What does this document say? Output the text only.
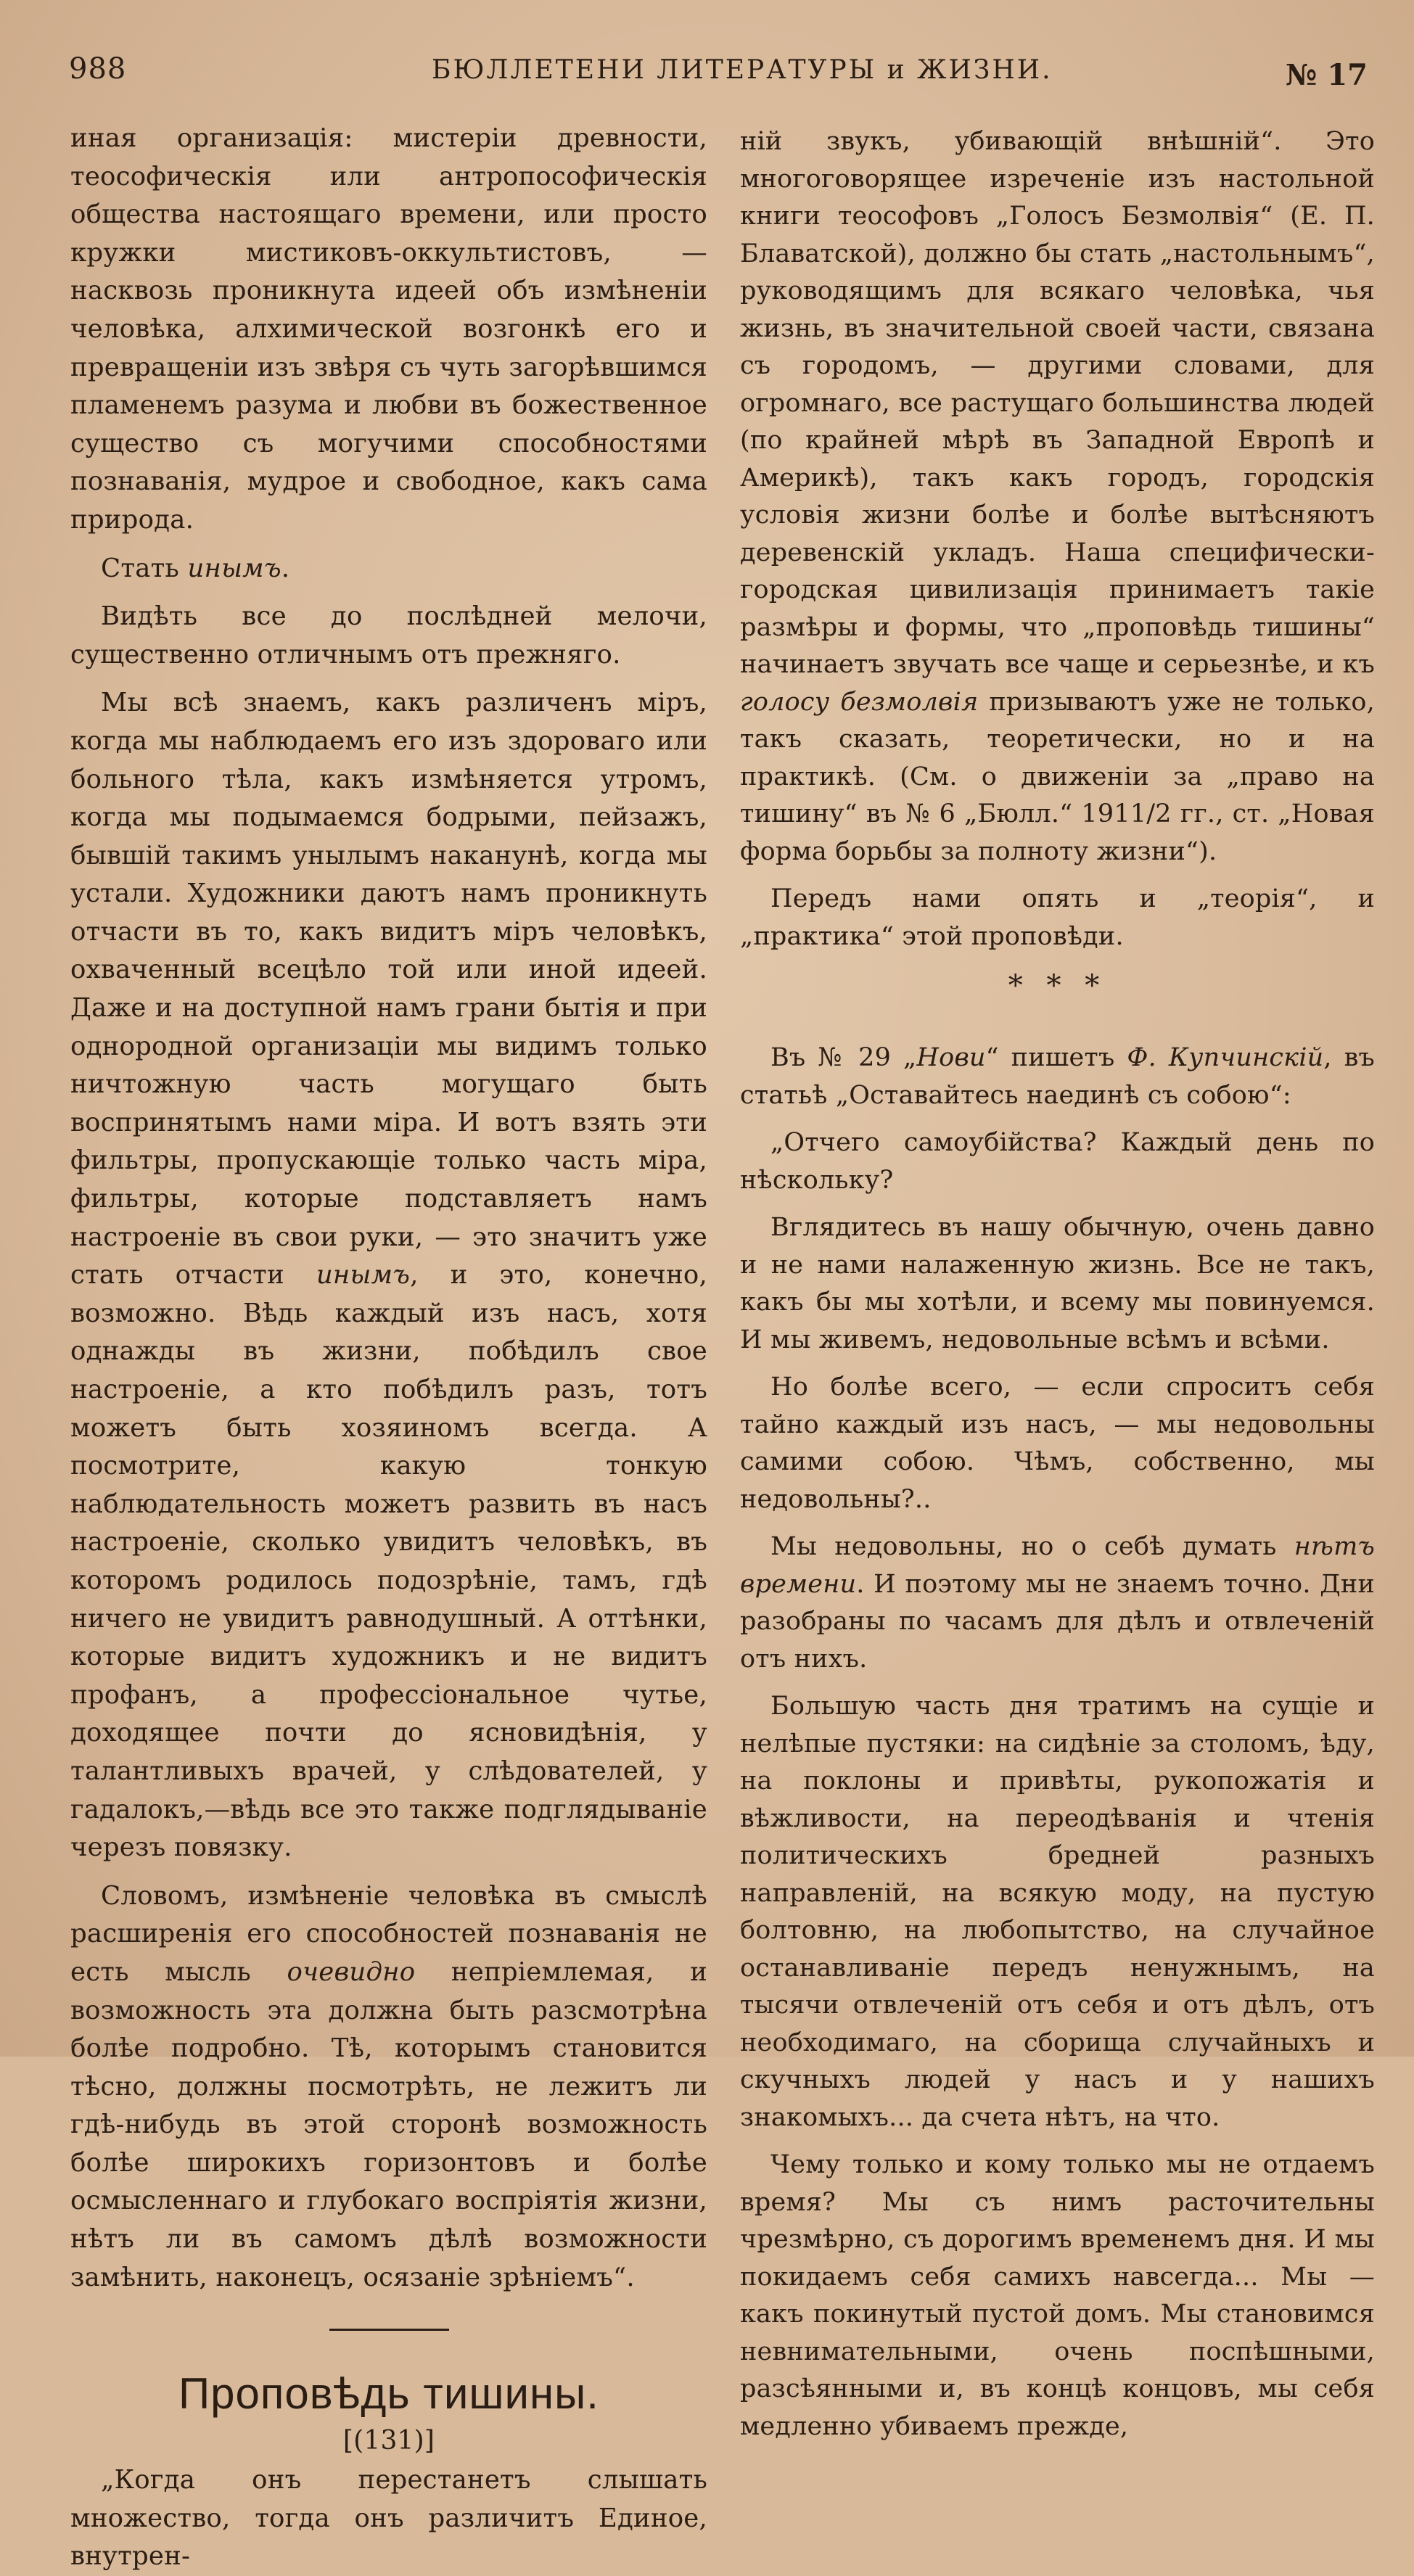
988	БЮЛЛЕТЕНИ ЛИТЕРАТУРЫ и ЖИЗНИ.	№ 17

иная организація: мистеріи древности, теософическія или антропософическія общества настоящаго времени, или просто кружки мистиковъ-оккультистовъ, — насквозь проникнута идеей объ измѣненіи человѣка, алхимической возгонкѣ его и превращеніи изъ звѣря съ чуть загорѣвшимся пламенемъ разума и любви въ божественное существо съ могучими способностями познаванія, мудрое и свободное, какъ сама природа.

Стать инымъ.

Видѣть все до послѣдней мелочи, существенно отличнымъ отъ прежняго.

Мы всѣ знаемъ, какъ различенъ міръ, когда мы наблюдаемъ его изъ здороваго или больного тѣла, какъ измѣняется утромъ, когда мы подымаемся бодрыми, пейзажъ, бывшій такимъ унылымъ наканунѣ, когда мы устали. Художники даютъ намъ проникнуть отчасти въ то, какъ видитъ міръ человѣкъ, охваченный всецѣло той или иной идеей. Даже и на доступной намъ грани бытія и при однородной организаціи мы видимъ только ничтожную часть могущаго быть воспринятымъ нами міра. И вотъ взять эти фильтры, пропускающіе только часть міра, фильтры, которые подставляетъ намъ настроеніе въ свои руки, — это значитъ уже стать отчасти инымъ, и это, конечно, возможно. Вѣдь каждый изъ насъ, хотя однажды въ жизни, побѣдилъ свое настроеніе, а кто побѣдилъ разъ, тотъ можетъ быть хозяиномъ всегда. А посмотрите, какую тонкую наблюдательность можетъ развить въ насъ настроеніе, сколько увидитъ человѣкъ, въ которомъ родилось подозрѣніе, тамъ, гдѣ ничего не увидитъ равнодушный. А оттѣнки, которые видитъ художникъ и не видитъ профанъ, а профессіональное чутье, доходящее почти до ясновидѣнія, у талантливыхъ врачей, у слѣдователей, у гадалокъ,—вѣдь все это также подглядываніе черезъ повязку.

Словомъ, измѣненіе человѣка въ смыслѣ расширенія его способностей познаванія не есть мысль очевидно непріемлемая, и возможность эта должна быть разсмотрѣна болѣе подробно. Тѣ, которымъ становится тѣсно, должны посмотрѣть, не лежитъ ли гдѣ-нибудь въ этой сторонѣ возможность болѣе широкихъ горизонтовъ и болѣе осмысленнаго и глубокаго воспріятія жизни, нѣтъ ли въ самомъ дѣлѣ возможности замѣнить, наконецъ, осязаніе зрѣніемъ“.

Проповѣдь тишины.
[(131)]

„Когда онъ перестанетъ слышать множество, тогда онъ различитъ Единое, внутрен-

ній звукъ, убивающій внѣшній“. Это многоговорящее изреченіе изъ настольной книги теософовъ „Голосъ Безмолвія“ (Е. П. Блаватской), должно бы стать „настольнымъ“, руководящимъ для всякаго человѣка, чья жизнь, въ значительной своей части, связана съ городомъ, — другими словами, для огромнаго, все растущаго большинства людей (по крайней мѣрѣ въ Западной Европѣ и Америкѣ), такъ какъ городъ, городскія условія жизни болѣе и болѣе вытѣсняютъ деревенскій укладъ. Наша специфически-городская цивилизація принимаетъ такіе размѣры и формы, что „проповѣдь тишины“ начинаетъ звучать все чаще и серьезнѣе, и къ голосу безмолвія призываютъ уже не только, такъ сказать, теоретически, но и на практикѣ. (См. о движеніи за „право на тишину“ въ № 6 „Бюлл.“ 1911/2 гг., ст. „Новая форма борьбы за полноту жизни“).

Передъ нами опять и „теорія“, и „практика“ этой проповѣди.

* * *

Въ № 29 „Нови“ пишетъ Ф. Купчинскій, въ статьѣ „Оставайтесь наединѣ съ собою“:

„Отчего самоубійства? Каждый день по нѣскольку?

Вглядитесь въ нашу обычную, очень давно и не нами налаженную жизнь. Все не такъ, какъ бы мы хотѣли, и всему мы повинуемся. И мы живемъ, недовольные всѣмъ и всѣми.

Но болѣе всего, — если спроситъ себя тайно каждый изъ насъ, — мы недовольны самими собою. Чѣмъ, собственно, мы недовольны?..

Мы недовольны, но о себѣ думать нѣтъ времени. И поэтому мы не знаемъ точно. Дни разобраны по часамъ для дѣлъ и отвлеченій отъ нихъ.

Большую часть дня тратимъ на сущіе и нелѣпые пустяки: на сидѣніе за столомъ, ѣду, на поклоны и привѣты, рукопожатія и вѣжливости, на переодѣванія и чтенія политическихъ бредней разныхъ направленій, на всякую моду, на пустую болтовню, на любопытство, на случайное останавливаніе передъ ненужнымъ, на тысячи отвлеченій отъ себя и отъ дѣлъ, отъ необходимаго, на сборища случайныхъ и скучныхъ людей у насъ и у нашихъ знакомыхъ... да счета нѣтъ, на что.

Чему только и кому только мы не отдаемъ время? Мы съ нимъ расточительны чрезмѣрно, съ дорогимъ временемъ дня. И мы покидаемъ себя самихъ навсегда... Мы — какъ покинутый пустой домъ. Мы становимся невнимательными, очень поспѣшными, разсѣянными и, въ концѣ концовъ, мы себя медленно убиваемъ прежде,
